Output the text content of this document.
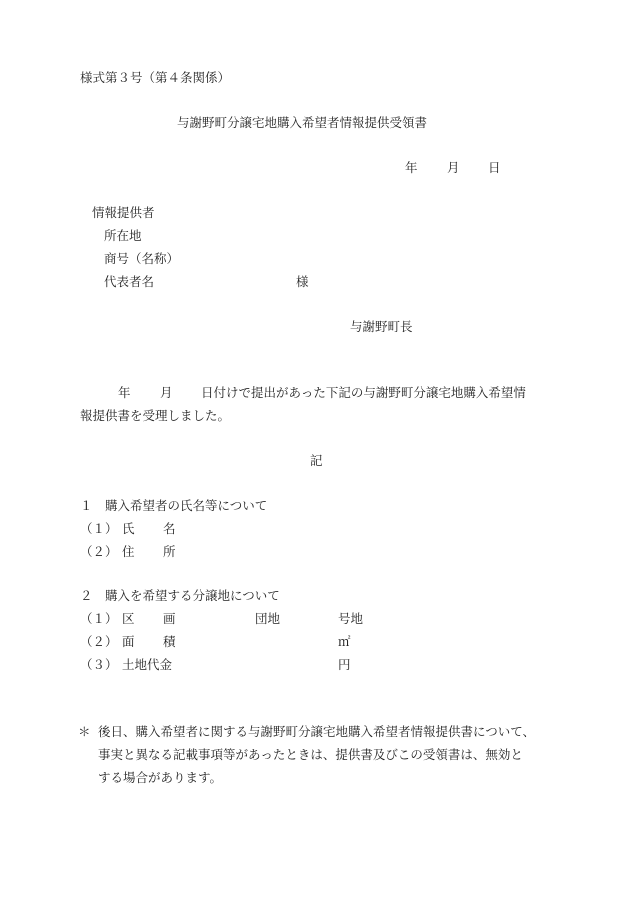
様式第３号（第４条関係）
与謝野町分譲宅地購入希望者情報提供受領書
年 月 日
情報提供者
所在地
商号（名称）
代表者名	様
与謝野町長
年 月 日付けで提出があった下記の与謝野町分譲宅地購入希望情
報提供書を受理しました。
記
１　購入希望者の氏名等について
（１） 氏 名
（２） 住 所
２　購入を希望する分譲地について
（１） 区 画	団地	号地
（２） 面 積	㎡
（３） 土地代金	円
＊ 後日、購入希望者に関する与謝野町分譲宅地購入希望者情報提供書について、
事実と異なる記載事項等があったときは、提供書及びこの受領書は、無効と
する場合があります。
